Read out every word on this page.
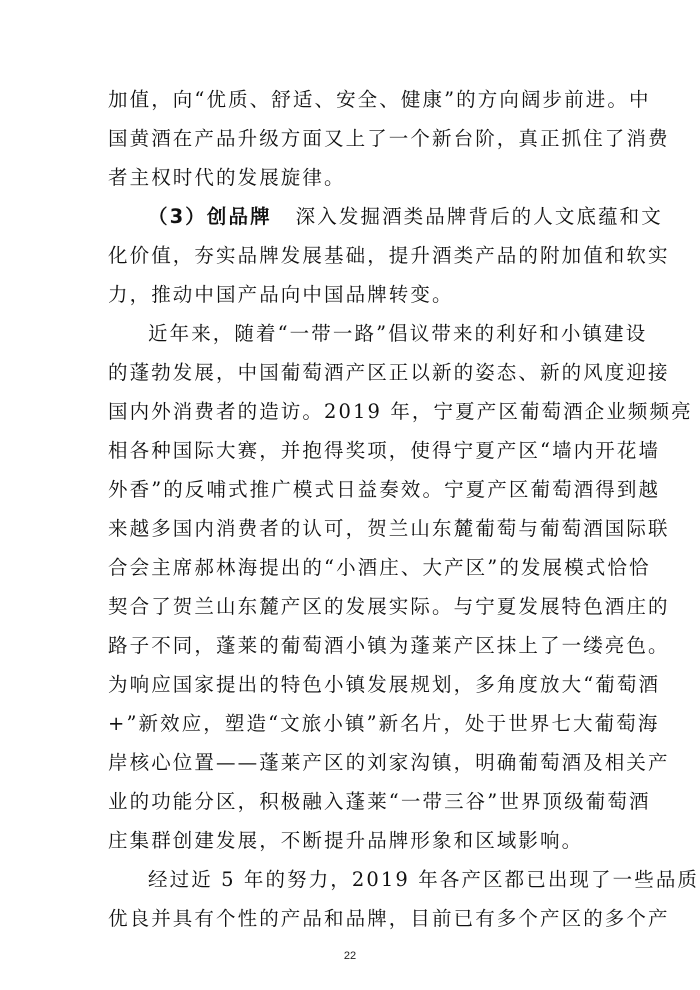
加值，向“优质、舒适、安全、健康”的方向阔步前进。中
国黄酒在产品升级方面又上了一个新台阶，真正抓住了消费
者主权时代的发展旋律。
（3）创品牌 深入发掘酒类品牌背后的人文底蕴和文
化价值，夯实品牌发展基础，提升酒类产品的附加值和软实
力，推动中国产品向中国品牌转变。
近年来，随着“一带一路”倡议带来的利好和小镇建设
的蓬勃发展，中国葡萄酒产区正以新的姿态、新的风度迎接
国内外消费者的造访。2019 年，宁夏产区葡萄酒企业频频亮
相各种国际大赛，并抱得奖项，使得宁夏产区“墙内开花墙
外香”的反哺式推广模式日益奏效。宁夏产区葡萄酒得到越
来越多国内消费者的认可，贺兰山东麓葡萄与葡萄酒国际联
合会主席郝林海提出的“小酒庄、大产区”的发展模式恰恰
契合了贺兰山东麓产区的发展实际。与宁夏发展特色酒庄的
路子不同，蓬莱的葡萄酒小镇为蓬莱产区抹上了一缕亮色。
为响应国家提出的特色小镇发展规划，多角度放大“葡萄酒
+”新效应，塑造“文旅小镇”新名片，处于世界七大葡萄海
岸核心位置——蓬莱产区的刘家沟镇，明确葡萄酒及相关产
业的功能分区，积极融入蓬莱“一带三谷”世界顶级葡萄酒
庄集群创建发展，不断提升品牌形象和区域影响。
经过近 5 年的努力，2019 年各产区都已出现了一些品质
优良并具有个性的产品和品牌，目前已有多个产区的多个产
22
